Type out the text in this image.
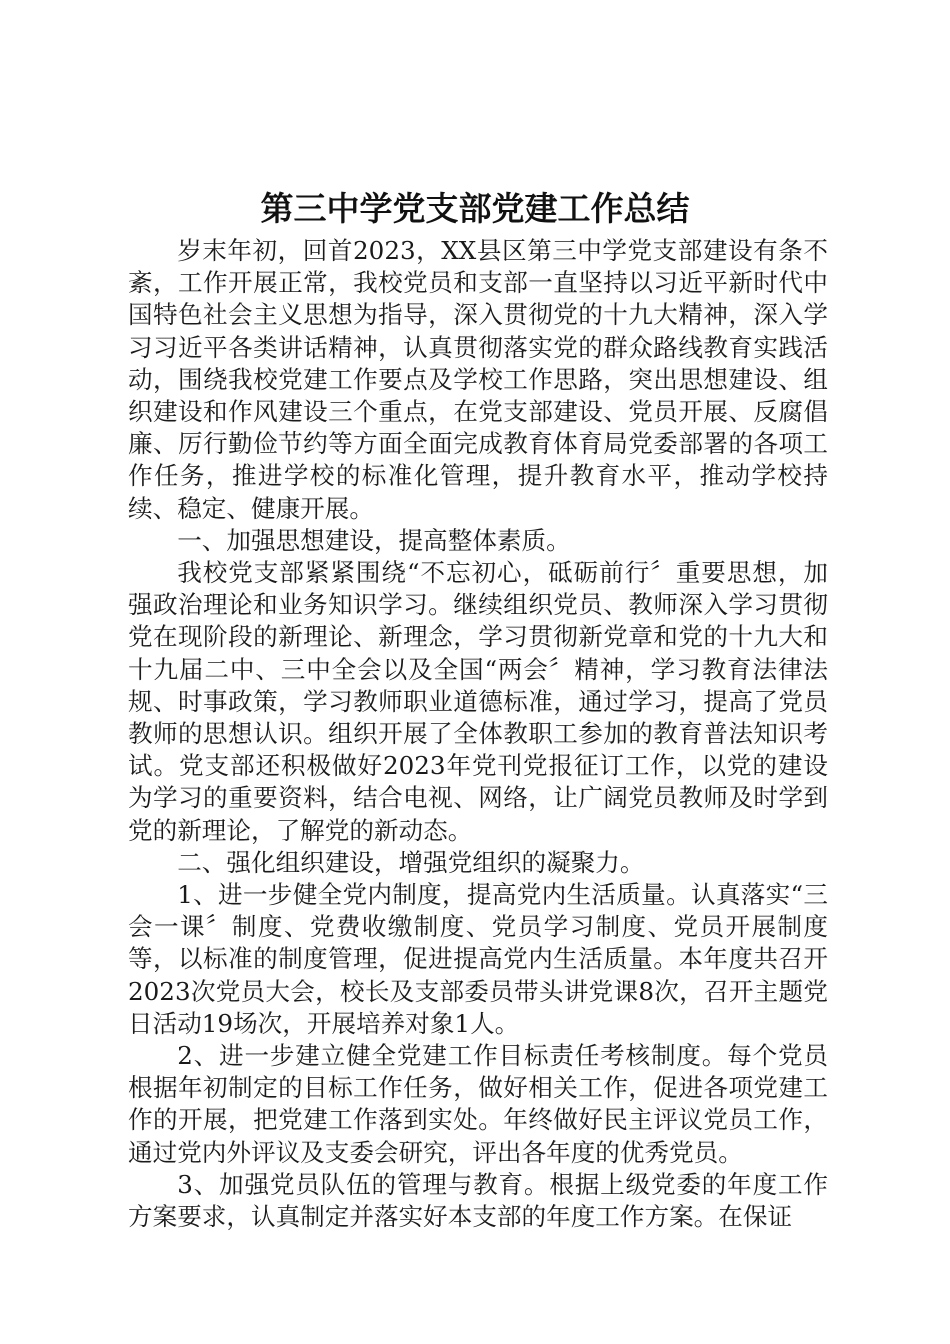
第三中学党支部党建工作总结

岁末年初，回首2023，XX县区第三中学党支部建设有条不紊，工作开展正常，我校党员和支部一直坚持以习近平新时代中国特色社会主义思想为指导，深入贯彻党的十九大精神，深入学习习近平各类讲话精神，认真贯彻落实党的群众路线教育实践活动，围绕我校党建工作要点及学校工作思路，突出思想建设、组织建设和作风建设三个重点，在党支部建设、党员开展、反腐倡廉、厉行勤俭节约等方面全面完成教育体育局党委部署的各项工作任务，推进学校的标准化管理，提升教育水平，推动学校持续、稳定、健康开展。

一、加强思想建设，提高整体素质。

我校党支部紧紧围绕“不忘初心，砥砺前行〞重要思想，加强政治理论和业务知识学习。继续组织党员、教师深入学习贯彻党在现阶段的新理论、新理念，学习贯彻新党章和党的十九大和十九届二中、三中全会以及全国“两会〞精神，学习教育法律法规、时事政策，学习教师职业道德标准，通过学习，提高了党员教师的思想认识。组织开展了全体教职工参加的教育普法知识考试。党支部还积极做好2023年党刊党报征订工作，以党的建设为学习的重要资料，结合电视、网络，让广阔党员教师及时学到党的新理论，了解党的新动态。

二、强化组织建设，增强党组织的凝聚力。

1、进一步健全党内制度，提高党内生活质量。认真落实“三会一课〞制度、党费收缴制度、党员学习制度、党员开展制度等，以标准的制度管理，促进提高党内生活质量。本年度共召开2023次党员大会，校长及支部委员带头讲党课8次，召开主题党日活动19场次，开展培养对象1人。

2、进一步建立健全党建工作目标责任考核制度。每个党员根据年初制定的目标工作任务，做好相关工作，促进各项党建工作的开展，把党建工作落到实处。年终做好民主评议党员工作，通过党内外评议及支委会研究，评出各年度的优秀党员。

3、加强党员队伍的管理与教育。根据上级党委的年度工作方案要求，认真制定并落实好本支部的年度工作方案。在保证
